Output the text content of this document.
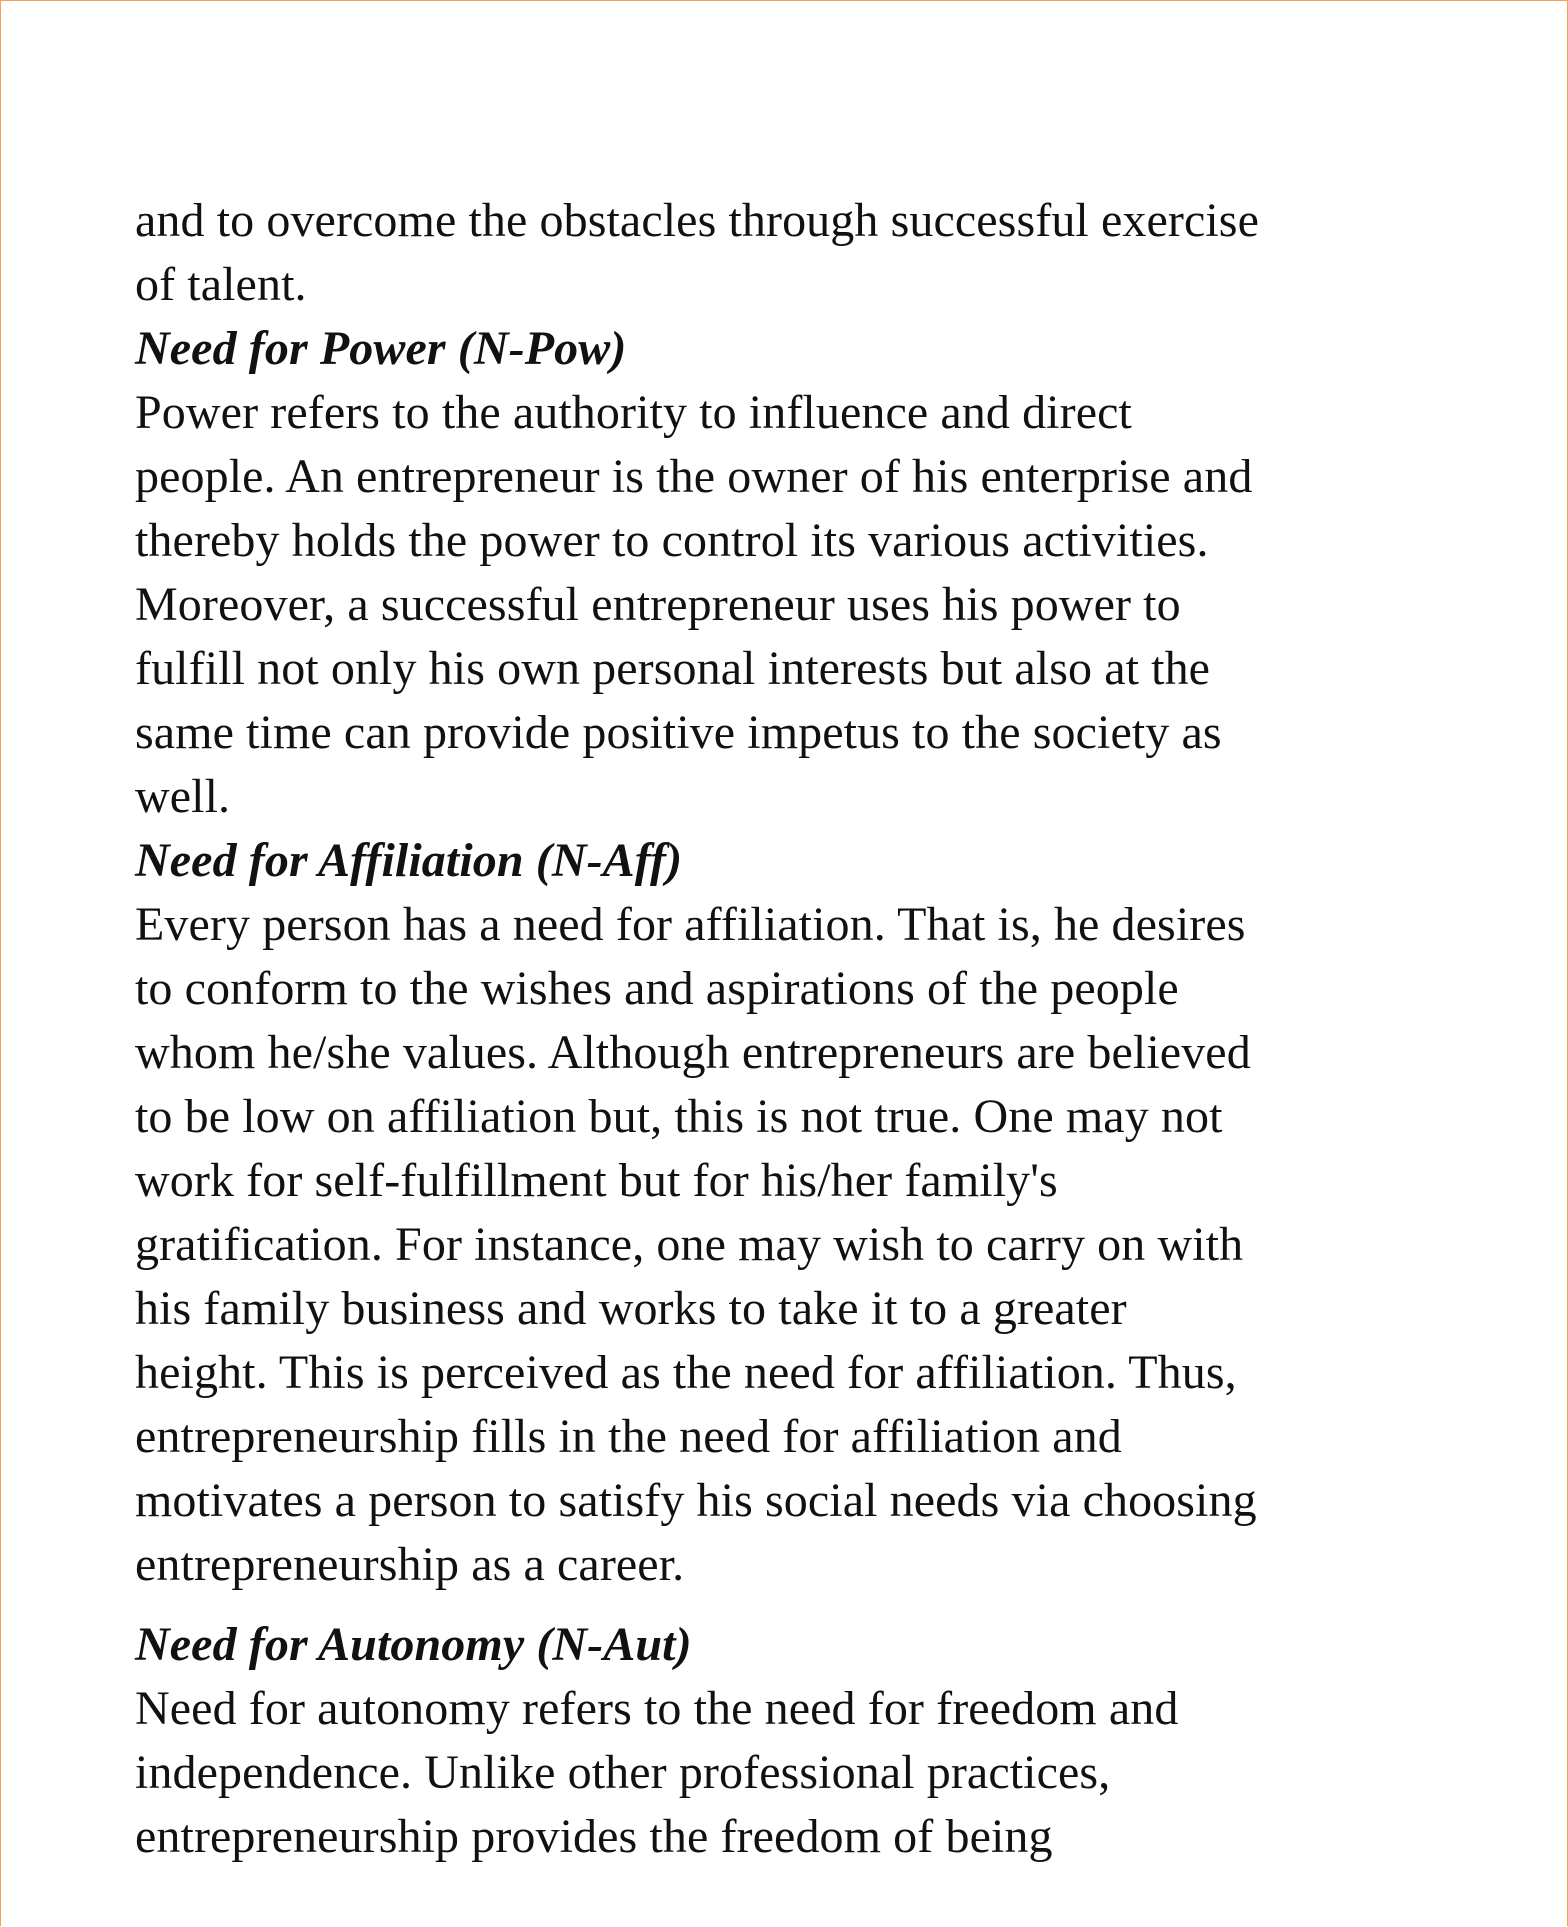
and to overcome the obstacles through successful exercise
of talent.
Need for Power (N-Pow)
Power refers to the authority to influence and direct
people. An entrepreneur is the owner of his enterprise and
thereby holds the power to control its various activities.
Moreover, a successful entrepreneur uses his power to
fulfill not only his own personal interests but also at the
same time can provide positive impetus to the society as
well.
Need for Affiliation (N-Aff)
Every person has a need for affiliation. That is, he desires
to conform to the wishes and aspirations of the people
whom he/she values. Although entrepreneurs are believed
to be low on affiliation but, this is not true. One may not
work for self-fulfillment but for his/her family's
gratification. For instance, one may wish to carry on with
his family business and works to take it to a greater
height. This is perceived as the need for affiliation. Thus,
entrepreneurship fills in the need for affiliation and
motivates a person to satisfy his social needs via choosing
entrepreneurship as a career.
Need for Autonomy (N-Aut)
Need for autonomy refers to the need for freedom and
independence. Unlike other professional practices,
entrepreneurship provides the freedom of being
